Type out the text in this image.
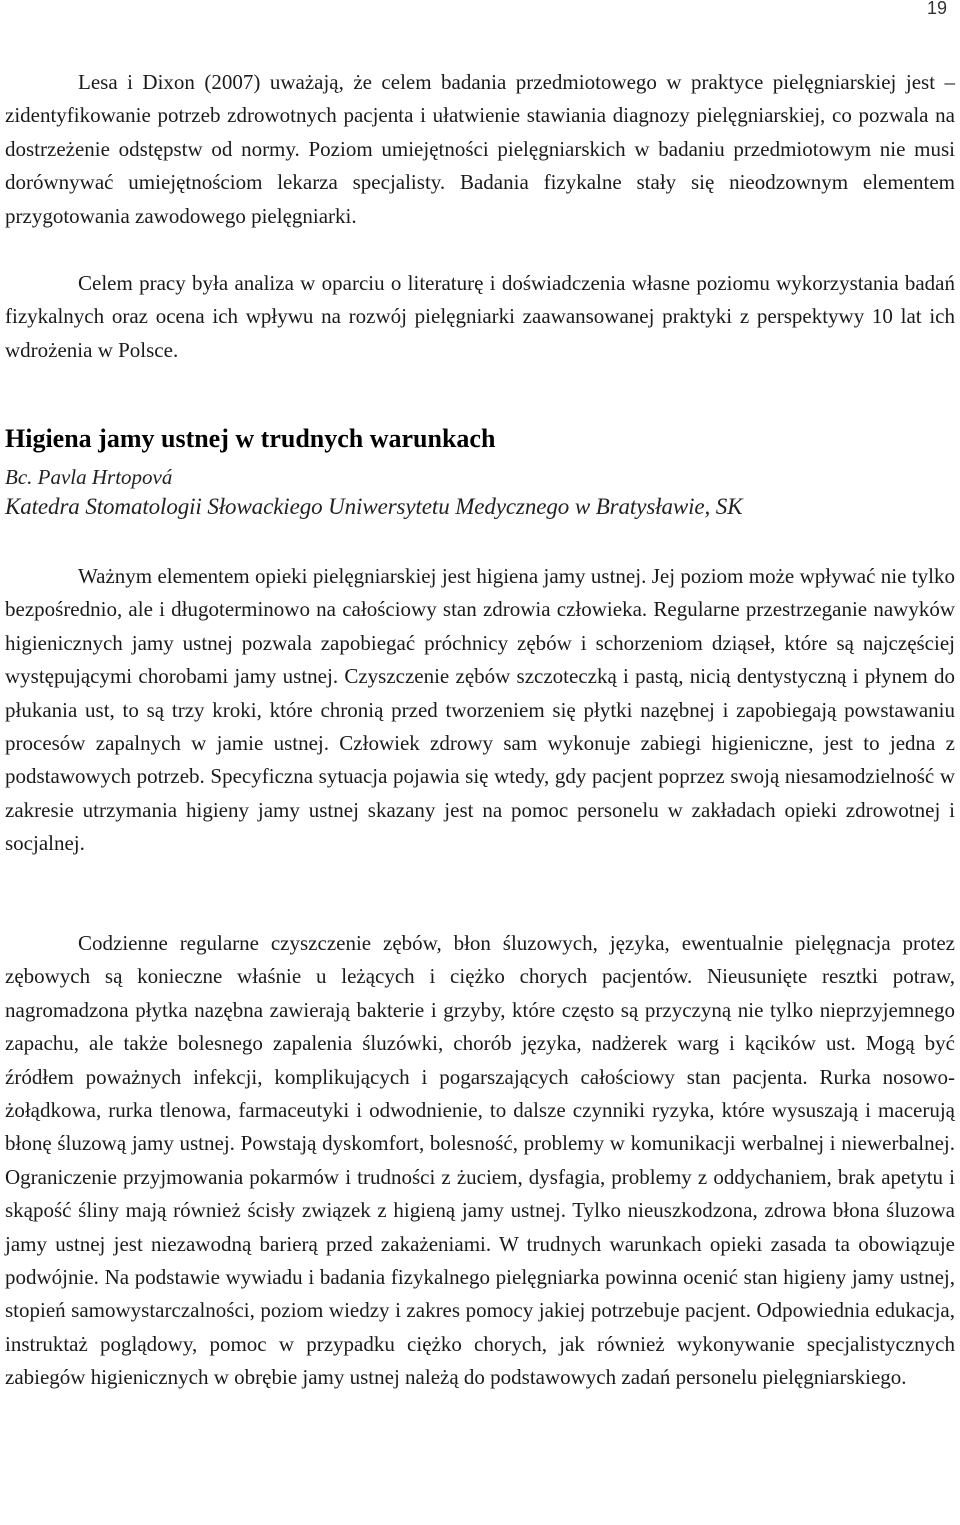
19

Lesa i Dixon (2007) uważają, że celem badania przedmiotowego w praktyce pielęgniarskiej jest – zidentyfikowanie potrzeb zdrowotnych pacjenta i ułatwienie stawiania diagnozy pielęgniarskiej, co pozwala na dostrzeżenie odstępstw od normy. Poziom umiejętności pielęgniarskich w badaniu przedmiotowym nie musi dorównywać umiejętnościom lekarza specjalisty. Badania fizykalne stały się nieodzownym elementem przygotowania zawodowego pielęgniarki.

Celem pracy była analiza w oparciu o literaturę i doświadczenia własne poziomu wykorzystania badań fizykalnych oraz ocena ich wpływu na rozwój pielęgniarki zaawansowanej praktyki z perspektywy 10 lat ich wdrożenia w Polsce.

Higiena jamy ustnej w trudnych warunkach

Bc. Pavla Hrtopová

Katedra Stomatologii Słowackiego Uniwersytetu Medycznego w Bratysławie, SK

Ważnym elementem opieki pielęgniarskiej jest higiena jamy ustnej. Jej poziom może wpływać nie tylko bezpośrednio, ale i długoterminowo na całościowy stan zdrowia człowieka. Regularne przestrzeganie nawyków higienicznych jamy ustnej pozwala zapobiegać próchnicy zębów i schorzeniom dziąseł, które są najczęściej występującymi chorobami jamy ustnej. Czyszczenie zębów szczoteczką i pastą, nicią dentystyczną i płynem do płukania ust, to są trzy kroki, które chronią przed tworzeniem się płytki nazębnej i zapobiegają powstawaniu procesów zapalnych w jamie ustnej. Człowiek zdrowy sam wykonuje zabiegi higieniczne, jest to jedna z podstawowych potrzeb. Specyficzna sytuacja pojawia się wtedy, gdy pacjent poprzez swoją niesamodzielność w zakresie utrzymania higieny jamy ustnej skazany jest na pomoc personelu w zakładach opieki zdrowotnej i socjalnej.

Codzienne regularne czyszczenie zębów, błon śluzowych, języka, ewentualnie pielęgnacja protez zębowych są konieczne właśnie u leżących i ciężko chorych pacjentów. Nieusunięte resztki potraw, nagromadzona płytka nazębna zawierają bakterie i grzyby, które często są przyczyną nie tylko nieprzyjemnego zapachu, ale także bolesnego zapalenia śluzówki, chorób języka, nadżerek warg i kącików ust. Mogą być źródłem poważnych infekcji, komplikujących i pogarszających całościowy stan pacjenta. Rurka nosowo-żołądkowa, rurka tlenowa, farmaceutyki i odwodnienie, to dalsze czynniki ryzyka, które wysuszają i macerują błonę śluzową jamy ustnej. Powstają dyskomfort, bolesność, problemy w komunikacji werbalnej i niewerbalnej. Ograniczenie przyjmowania pokarmów i trudności z żuciem, dysfagia, problemy z oddychaniem, brak apetytu i skąpość śliny mają również ścisły związek z higieną jamy ustnej. Tylko nieuszkodzona, zdrowa błona śluzowa jamy ustnej jest niezawodną barierą przed zakażeniami. W trudnych warunkach opieki zasada ta obowiązuje podwójnie. Na podstawie wywiadu i badania fizykalnego pielęgniarka powinna ocenić stan higieny jamy ustnej, stopień samowystarczalności, poziom wiedzy i zakres pomocy jakiej potrzebuje pacjent. Odpowiednia edukacja, instruktaż poglądowy, pomoc w przypadku ciężko chorych, jak również wykonywanie specjalistycznych zabiegów higienicznych w obrębie jamy ustnej należą do podstawowych zadań personelu pielęgniarskiego.
